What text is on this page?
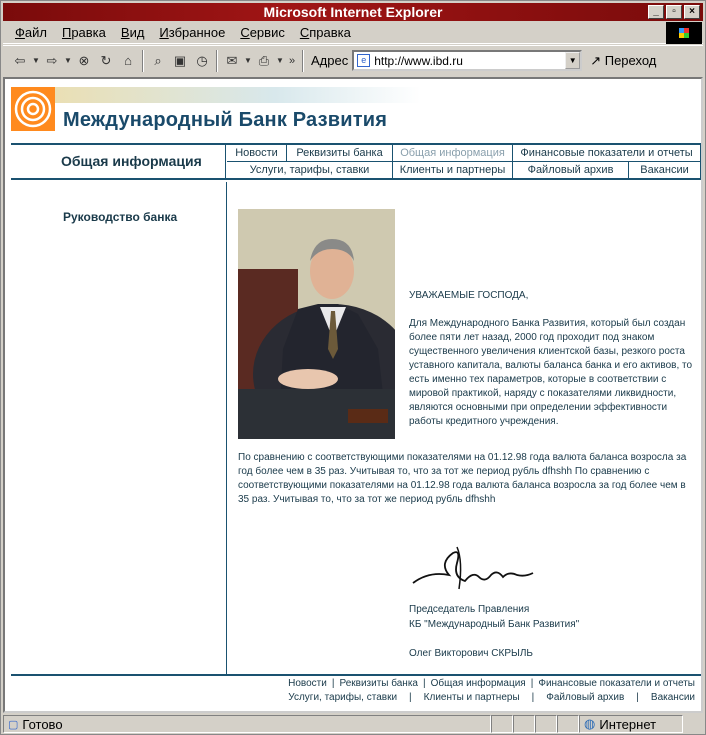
Microsoft Internet Explorer	_	▫	×
Файл Правка Вид Избранное Сервис Справка
⇦ ▼ ⇨ ▼ ⊗ ↻ ⌂	⌕ ▣ ◷	✉ ▼ ⎙ ▼ »	Адрес	e http://www.ibd.ru	▼ ↗ Переход
Международный Банк Развития
Общая информация	Новости	Реквизиты банка	Общая информация	Финансовые показатели и отчеты
Услуги, тарифы, ставки	Клиенты и партнеры	Файловый архив	Вакансии
Руководство банка
УВАЖАЕМЫЕ ГОСПОДА,
Для Международного Банка Развития, который был создан более пяти лет назад, 2000 год проходит под знаком существенного увеличения клиентской базы, резкого роста уставного капитала, валюты баланса банка и его активов, то есть именно тех параметров, которые в соответствии с мировой практикой, наряду с показателями ликвидности, являются основными при определении эффективности работы кредитного учреждения.
По сравнению с соответствующими показателями на 01.12.98 года валюта баланса возросла за год более чем в 35 раз. Учитывая то, что за тот же период рубль dfhshh По сравнению с соответствующими показателями на 01.12.98 года валюта баланса возросла за год более чем в 35 раз. Учитывая то, что за тот же период рубль dfhshh
Председатель Правления
КБ "Международный Банк Развития"
Олег Викторович СКРЫЛЬ
Новости | Реквизиты банка | Общая информация | Финансовые показатели и отчеты
Услуги, тарифы, ставки | Клиенты и партнеры | Файловый архив | Вакансии
▢ Готово	◍ Интернет
